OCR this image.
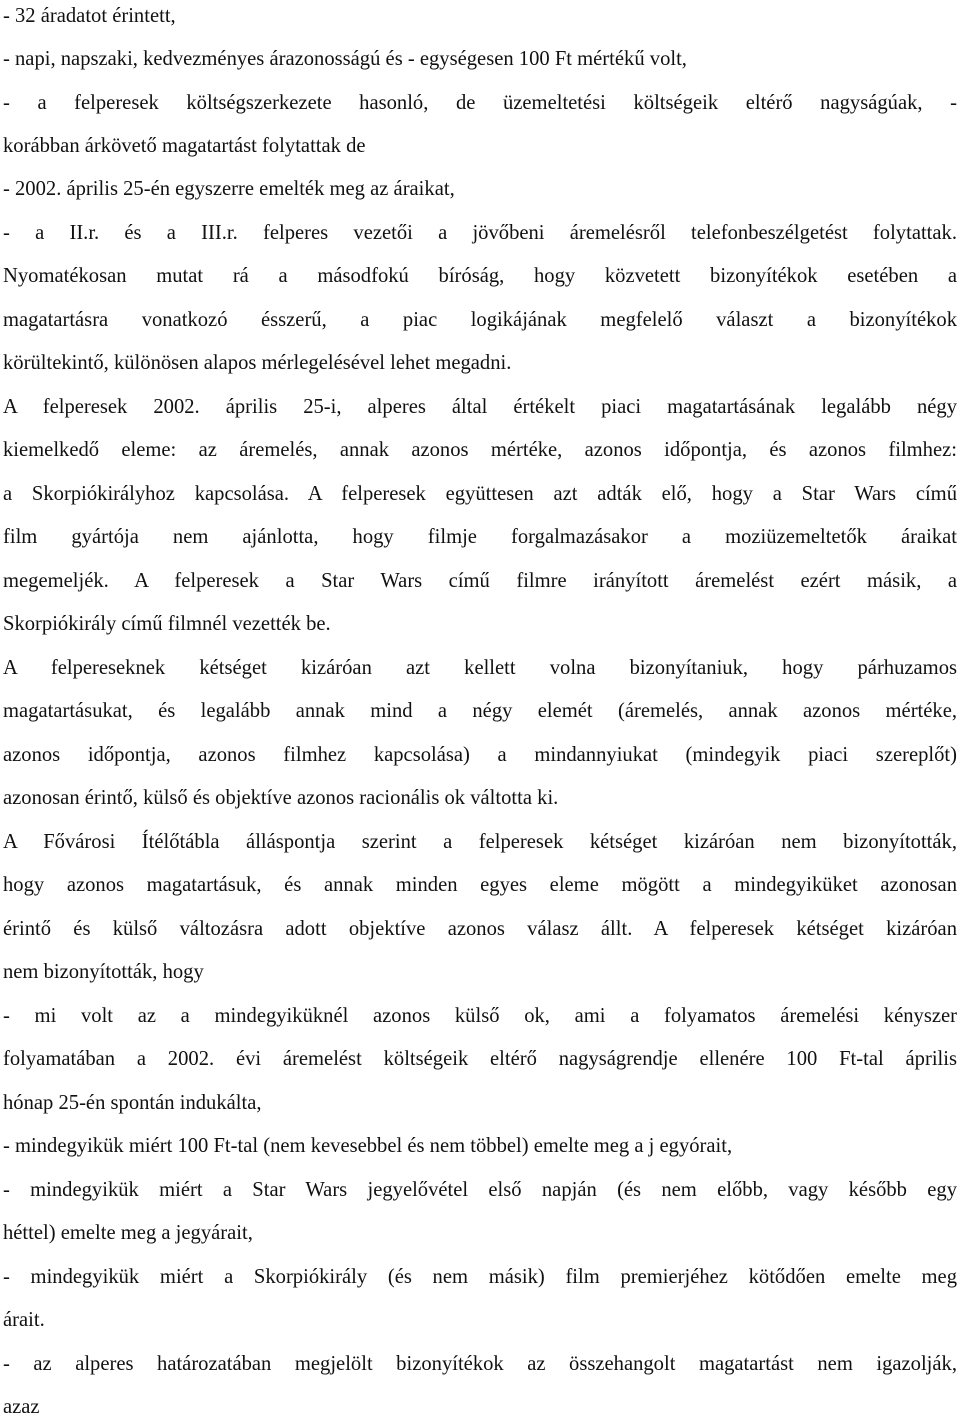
- 32 áradatot érintett,
- napi, napszaki, kedvezményes árazonosságú és - egységesen 100 Ft mértékű volt,
- a felperesek költségszerkezete hasonló, de üzemeltetési költségeik eltérő nagyságúak, -
korábban árkövető magatartást folytattak de
- 2002. április 25-én egyszerre emelték meg az áraikat,
- a II.r. és a III.r. felperes vezetői a jövőbeni áremelésről telefonbeszélgetést folytattak.
Nyomatékosan mutat rá a másodfokú bíróság, hogy közvetett bizonyítékok esetében a
magatartásra vonatkozó ésszerű, a piac logikájának megfelelő választ a bizonyítékok
körültekintő, különösen alapos mérlegelésével lehet megadni.
A felperesek 2002. április 25-i, alperes által értékelt piaci magatartásának legalább négy
kiemelkedő eleme: az áremelés, annak azonos mértéke, azonos időpontja, és azonos filmhez:
a Skorpiókirályhoz kapcsolása. A felperesek együttesen azt adták elő, hogy a Star Wars című
film gyártója nem ajánlotta, hogy filmje forgalmazásakor a moziüzemeltetők áraikat
megemeljék. A felperesek a Star Wars című filmre irányított áremelést ezért másik, a
Skorpiókirály című filmnél vezették be.
A felpereseknek kétséget kizáróan azt kellett volna bizonyítaniuk, hogy párhuzamos
magatartásukat, és legalább annak mind a négy elemét (áremelés, annak azonos mértéke,
azonos időpontja, azonos filmhez kapcsolása) a mindannyiukat (mindegyik piaci szereplőt)
azonosan érintő, külső és objektíve azonos racionális ok váltotta ki.
A Fővárosi Ítélőtábla álláspontja szerint a felperesek kétséget kizáróan nem bizonyították,
hogy azonos magatartásuk, és annak minden egyes eleme mögött a mindegyiküket azonosan
érintő és külső változásra adott objektíve azonos válasz állt. A felperesek kétséget kizáróan
nem bizonyították, hogy
- mi volt az a mindegyiküknél azonos külső ok, ami a folyamatos áremelési kényszer
folyamatában a 2002. évi áremelést költségeik eltérő nagyságrendje ellenére 100 Ft-tal április
hónap 25-én spontán indukálta,
- mindegyikük miért 100 Ft-tal (nem kevesebbel és nem többel) emelte meg a j egyórait,
- mindegyikük miért a Star Wars jegyelővétel első napján (és nem előbb, vagy később egy
héttel) emelte meg a jegyárait,
- mindegyikük miért a Skorpiókirály (és nem másik) film premierjéhez kötődően emelte meg
árait.
- az alperes határozatában megjelölt bizonyítékok az összehangolt magatartást nem igazolják,
azaz
